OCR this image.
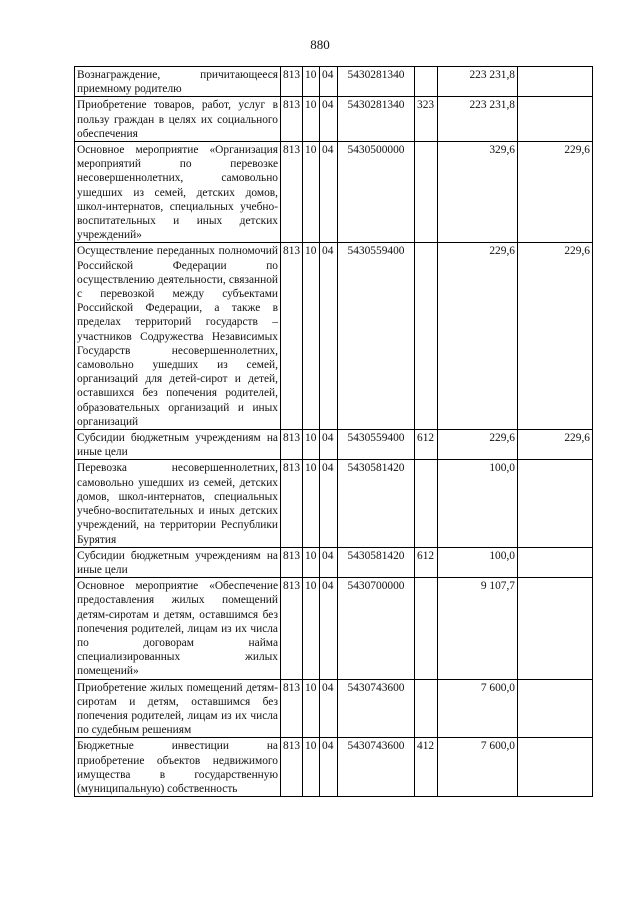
880
Вознаграждение, причитающееся приемному родителю	813	10	04	5430281340		223 231,8	
Приобретение товаров, работ, услуг в пользу граждан в целях их социального обеспечения	813	10	04	5430281340	323	223 231,8	
Основное мероприятие «Организация мероприятий по перевозке несовершеннолетних, самовольно ушедших из семей, детских домов, школ-интернатов, специальных учебно-воспитательных и иных детских учреждений»	813	10	04	5430500000		329,6	229,6
Осуществление переданных полномочий Российской Федерации по осуществлению деятельности, связанной с перевозкой между субъектами Российской Федерации, а также в пределах территорий государств – участников Содружества Независимых Государств несовершеннолетних, самовольно ушедших из семей, организаций для детей-сирот и детей, оставшихся без попечения родителей, образовательных организаций и иных организаций	813	10	04	5430559400		229,6	229,6
Субсидии бюджетным учреждениям на иные цели	813	10	04	5430559400	612	229,6	229,6
Перевозка несовершеннолетних, самовольно ушедших из семей, детских домов, школ-интернатов, специальных учебно-воспитательных и иных детских учреждений, на территории Республики Бурятия	813	10	04	5430581420		100,0	
Субсидии бюджетным учреждениям на иные цели	813	10	04	5430581420	612	100,0	
Основное мероприятие «Обеспечение предоставления жилых помещений детям-сиротам и детям, оставшимся без попечения родителей, лицам из их числа по договорам найма специализированных жилых помещений»	813	10	04	5430700000		9 107,7	
Приобретение жилых помещений детям-сиротам и детям, оставшимся без попечения родителей, лицам из их числа по судебным решениям	813	10	04	5430743600		7 600,0	
Бюджетные инвестиции на приобретение объектов недвижимого имущества в государственную (муниципальную) собственность	813	10	04	5430743600	412	7 600,0	
